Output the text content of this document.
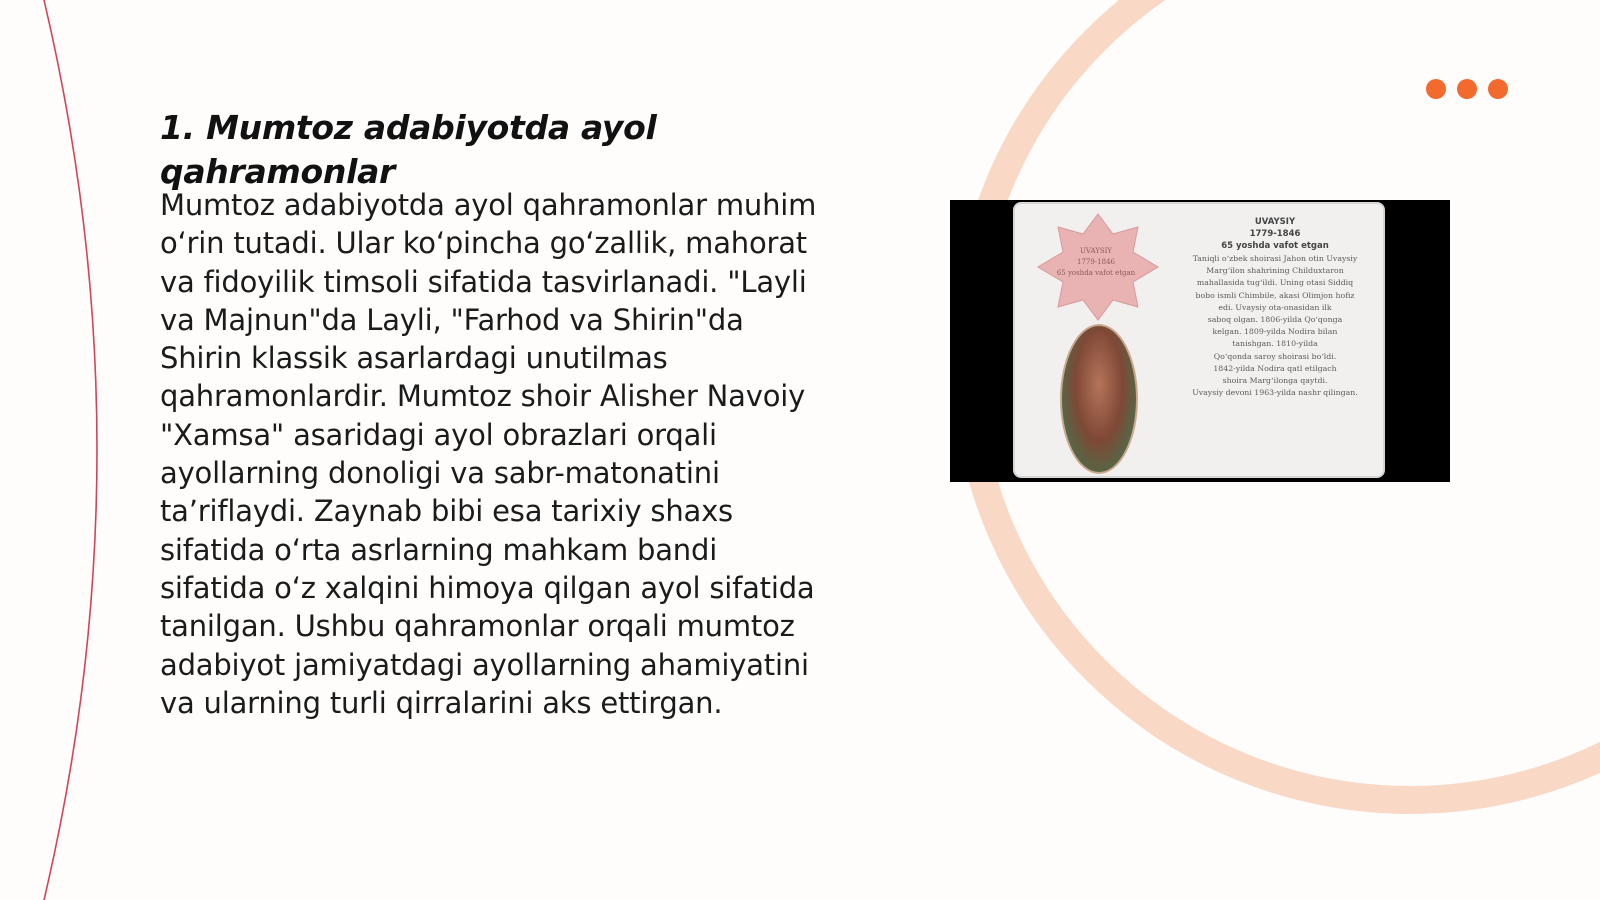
1. Mumtoz adabiyotda ayol qahramonlar

Mumtoz adabiyotda ayol qahramonlar muhim o‘rin tutadi. Ular ko‘pincha go‘zallik, mahorat va fidoyilik timsoli sifatida tasvirlanadi. "Layli va Majnun"da Layli, "Farhod va Shirin"da Shirin klassik asarlardagi unutilmas qahramonlardir. Mumtoz shoir Alisher Navoiy "Xamsa" asaridagi ayol obrazlari orqali ayollarning donoligi va sabr-matonatini ta’riflaydi. Zaynab bibi esa tarixiy shaxs sifatida o‘rta asrlarning mahkam bandi sifatida o‘z xalqini himoya qilgan ayol sifatida tanilgan. Ushbu qahramonlar orqali mumtoz adabiyot jamiyatdagi ayollarning ahamiyatini va ularning turli qirralarini aks ettirgan.

UVAYSIY
1779-1846
65 yoshda vafot etgan
UVAYSIY
1779-1846
65 yoshda vafot etgan
Taniqli o‘zbek shoirasi Jahon otin Uvaysiy
Marg‘ilon shahrining Childuxtaron
mahallasida tug‘ildi. Uning otasi Siddiq
bobo ismli Chimbile, akasi Olimjon hofiz
edi. Uvaysiy ota-onasidan ilk
saboq olgan. 1806-yilda Qo‘qonga
kelgan. 1809-yilda Nodira bilan
tanishgan. 1810-yilda
Qo‘qonda saroy shoirasi bo‘ldi.
1842-yilda Nodira qatl etilgach
shoira Marg‘ilonga qaytdi.
Uvaysiy devoni 1963-yilda nashr qilingan.
